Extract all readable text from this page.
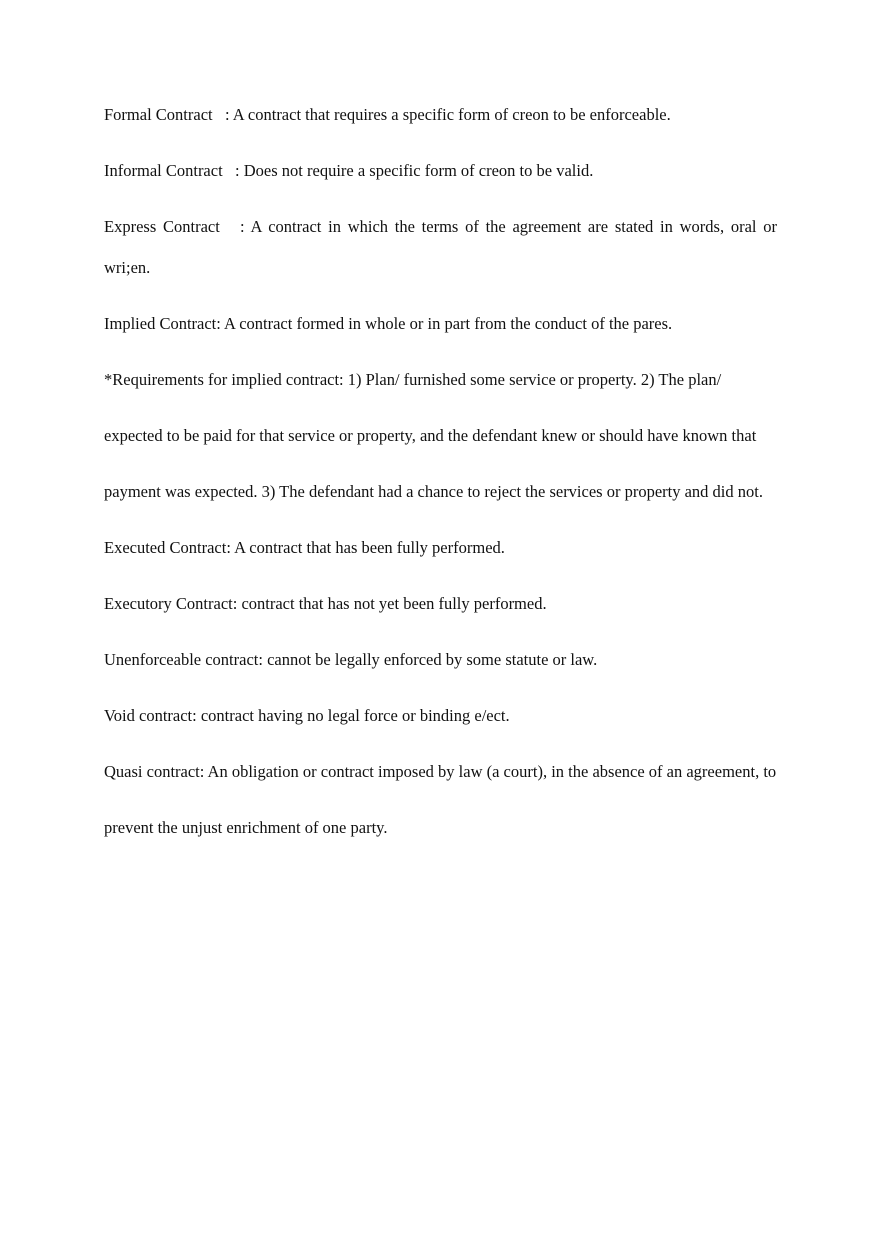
Formal Contract   : A contract that requires a specific form of creon to be enforceable.

Informal Contract   : Does not require a specific form of creon to be valid.

Express Contract   : A contract in which the terms of the agreement are stated in words, oral or wri;en.

Implied Contract: A contract formed in whole or in part from the conduct of the pares.

*Requirements for implied contract: 1) Plan/ furnished some service or property. 2) The plan/

expected to be paid for that service or property, and the defendant knew or should have known that

payment was expected. 3) The defendant had a chance to reject the services or property and did not.

Executed Contract: A contract that has been fully performed.

Executory Contract: contract that has not yet been fully performed.

Unenforceable contract: cannot be legally enforced by some statute or law.

Void contract: contract having no legal force or binding e/ect.

Quasi contract: An obligation or contract imposed by law (a court), in the absence of an agreement, to

prevent the unjust enrichment of one party.
